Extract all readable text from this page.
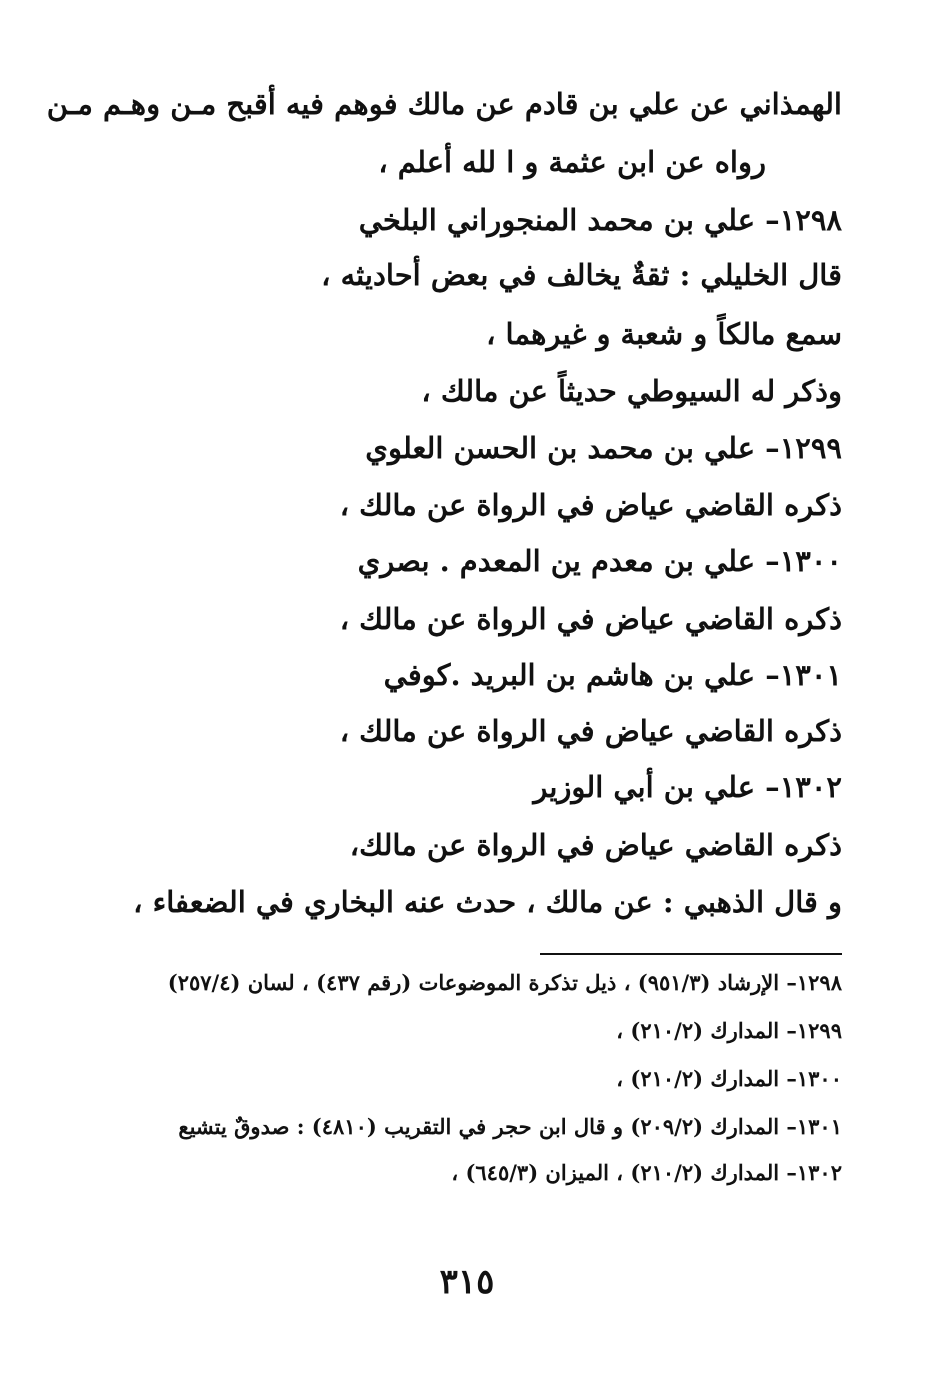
الهمذاني عن علي بن قادم عن مالك فوهم فيه أقبح مـن وهـم مـن
رواه عن ابن عثمة و ا لله أعلم ،
١٢٩٨– علي بن محمد المنجوراني البلخي
قال الخليلي : ثقةٌ يخالف في بعض أحاديثه ،
سمع مالكاً و شعبة و غيرهما ،
وذكر له السيوطي حديثاً عن مالك ،
١٢٩٩– علي بن محمد بن الحسن العلوي
ذكره القاضي عياض في الرواة عن مالك ،
١٣٠٠– علي بن معدم ين المعدم . بصري
ذكره القاضي عياض في الرواة عن مالك ،
١٣٠١– علي بن هاشم بن البريد .كوفي
ذكره القاضي عياض في الرواة عن مالك ،
١٣٠٢– علي بن أبي الوزير
ذكره القاضي عياض في الرواة عن مالك،
و قال الذهبي : عن مالك ، حدث عنه البخاري في الضعفاء ،
١٢٩٨– الإرشاد (٩٥١/٣) ، ذيل تذكرة الموضوعات (رقم ٤٣٧) ، لسان (٢٥٧/٤)
١٢٩٩– المدارك (٢١٠/٢) ،
١٣٠٠– المدارك (٢١٠/٢) ،
١٣٠١– المدارك (٢٠٩/٢) و قال ابن حجر في التقريب (٤٨١٠) : صدوقٌ يتشيع
١٣٠٢– المدارك (٢١٠/٢) ، الميزان (٦٤٥/٣) ،
٣١٥
